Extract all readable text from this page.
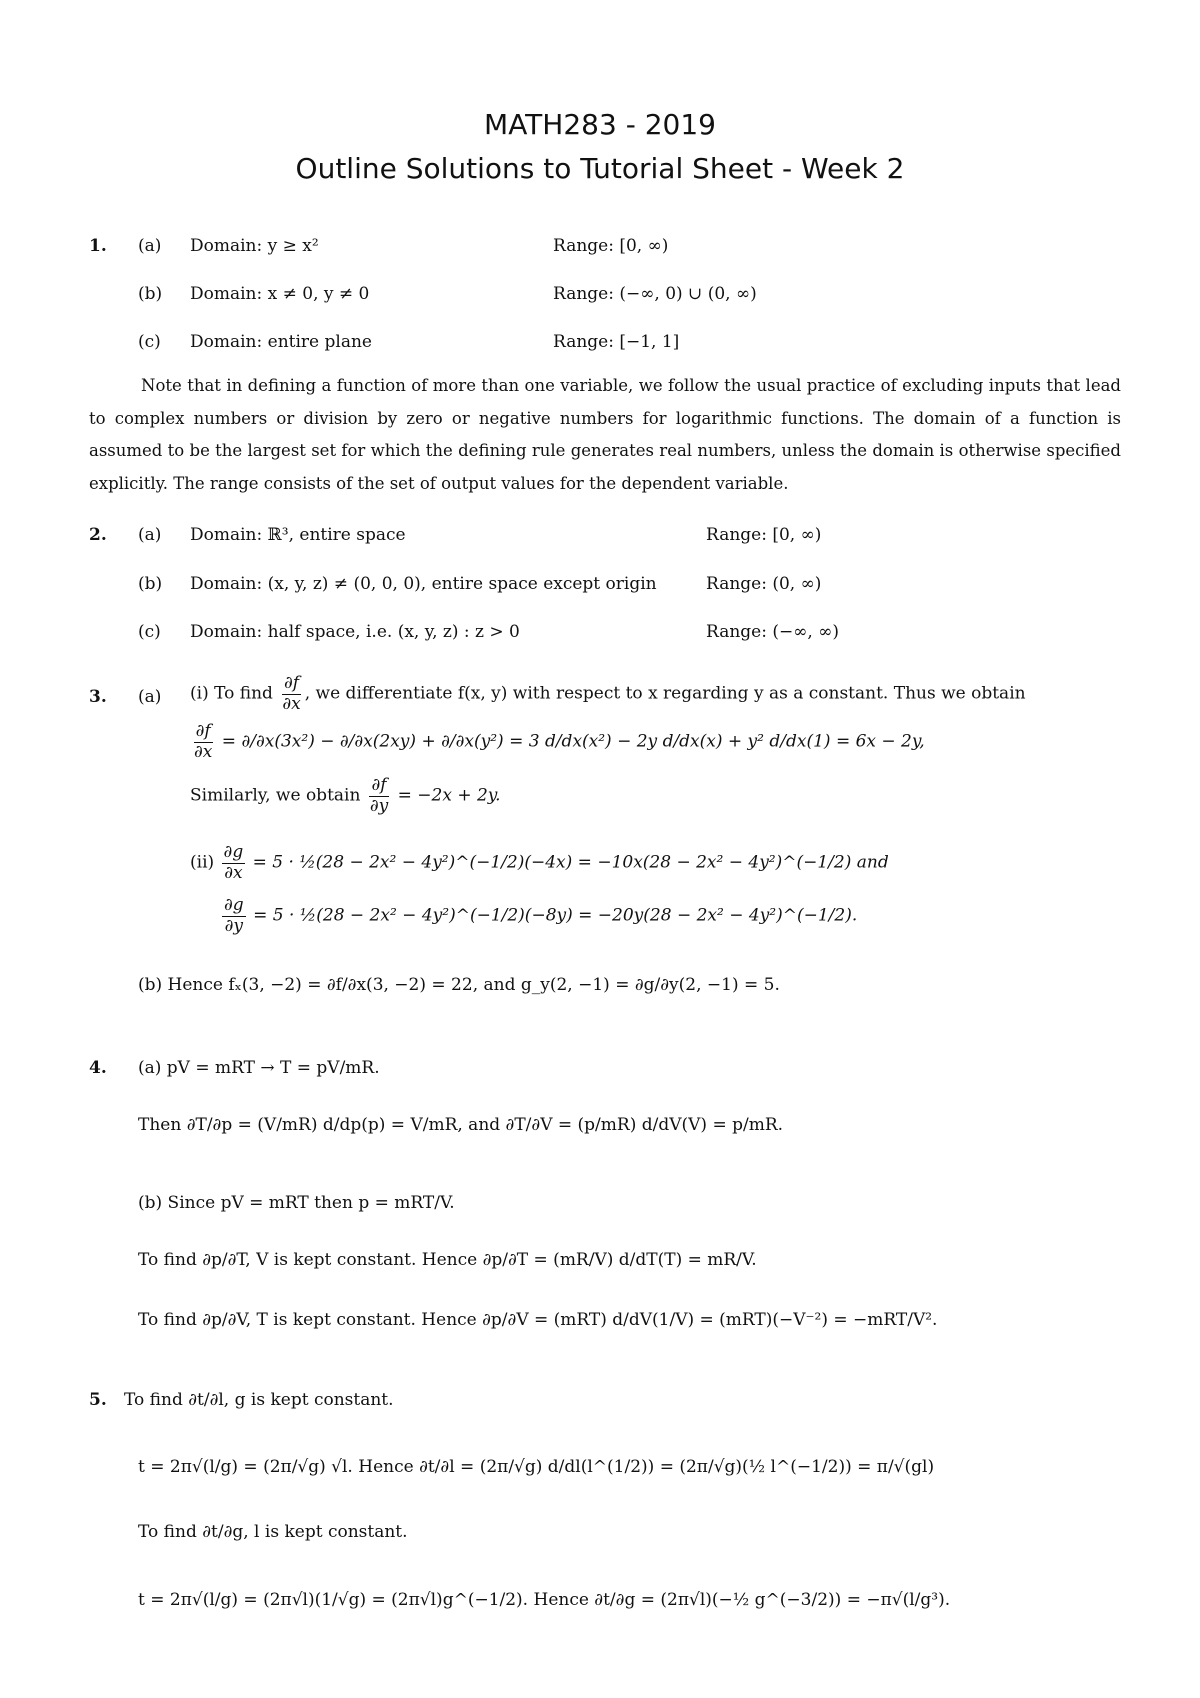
MATH283 - 2019
Outline Solutions to Tutorial Sheet - Week 2
1. (a) Domain: y ≥ x²	Range: [0, ∞)
(b) Domain: x ≠ 0, y ≠ 0	Range: (−∞, 0) ∪ (0, ∞)
(c) Domain: entire plane	Range: [−1, 1]

Note that in defining a function of more than one variable, we follow the usual practice of excluding inputs that lead to complex numbers or division by zero or negative numbers for logarithmic functions. The domain of a function is assumed to be the largest set for which the defining rule generates real numbers, unless the domain is otherwise specified explicitly. The range consists of the set of output values for the dependent variable.

2. (a) Domain: ℝ³, entire space	Range: [0, ∞)
(b) Domain: (x, y, z) ≠ (0, 0, 0), entire space except origin	Range: (0, ∞)
(c) Domain: half space, i.e. (x, y, z) : z > 0	Range: (−∞, ∞)
3. (a) (i) To find $\frac{\partial f}{\partial x}$ , we differentiate f(x, y) with respect to x regarding y as a constant. Thus we obtain
$\frac{\partial f}{\partial x} = \partial/\partial x(3x^2) - \partial/\partial x(2xy) + \partial/\partial x(y^2) = 3$ d/dx(x²) − 2y d/dx(x) + y² d/dx(1) = 6x − 2y,
Similarly, we obtain $\frac{\partial f}{\partial y} = -2x + 2y$.
$(ii) \frac{\partial g}{\partial x} = 5$ · ½(28 − 2x² − 4y²)^(−1/2)(−4x) = −10x(28 − 2x² − 4y²)^(−1/2) and
$\frac{\partial g}{\partial y} = 5$ · ½(28 − 2x² − 4y²)^(−1/2)(−8y) = −20y(28 − 2x² − 4y²)^(−1/2).
(b) Hence fₓ(3, −2) = ∂f/∂x(3, −2) = 22, and g_y(2, −1) = ∂g/∂y(2, −1) = 5.
4. (a) pV = mRT → T = pV/mR.
Then ∂T/∂p = (V/mR) d/dp(p) = V/mR, and ∂T/∂V = (p/mR) d/dV(V) = p/mR.
(b) Since pV = mRT then p = mRT/V.
To find ∂p/∂T, V is kept constant. Hence ∂p/∂T = (mR/V) d/dT(T) = mR/V.
To find ∂p/∂V, T is kept constant. Hence ∂p/∂V = (mRT) d/dV(1/V) = (mRT)(−V⁻²) = −mRT/V².
5. To find ∂t/∂l, g is kept constant.
t = 2π√(l/g) = (2π/√g) √l. Hence ∂t/∂l = (2π/√g) d/dl(l^(1/2)) = (2π/√g)(½ l^(−1/2)) = π/√(gl)
To find ∂t/∂g, l is kept constant.
t = 2π√(l/g) = (2π√l)(1/√g) = (2π√l)g^(−1/2). Hence ∂t/∂g = (2π√l)(−½ g^(−3/2)) = −π√(l/g³).
